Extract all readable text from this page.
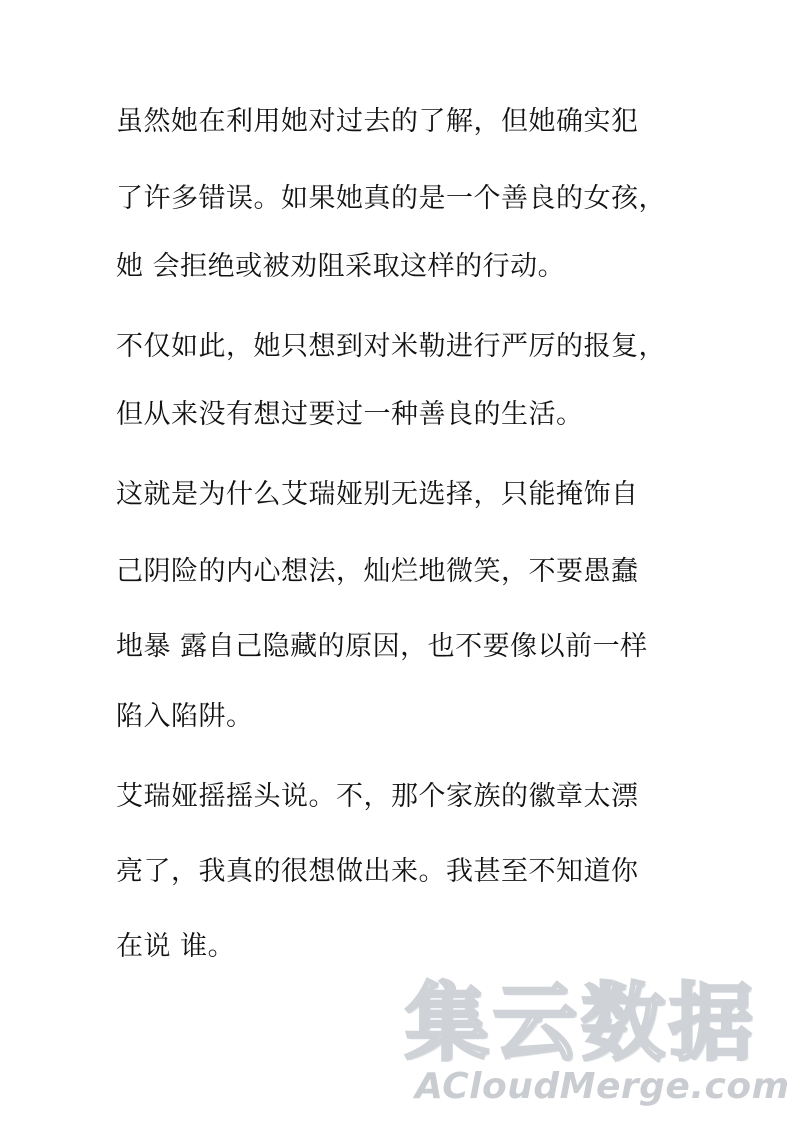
虽然她在利用她对过去的了解，但她确实犯
了许多错误。如果她真的是一个善良的女孩，
她 会拒绝或被劝阻采取这样的行动。
不仅如此，她只想到对米勒进行严厉的报复，
但从来没有想过要过一种善良的生活。
这就是为什么艾瑞娅别无选择，只能掩饰自
己阴险的内心想法，灿烂地微笑，不要愚蠢
地暴 露自己隐藏的原因，也不要像以前一样
陷入陷阱。
艾瑞娅摇摇头说。不，那个家族的徽章太漂
亮了，我真的很想做出来。我甚至不知道你
在说 谁。
集云数据
ACloudMerge.com
